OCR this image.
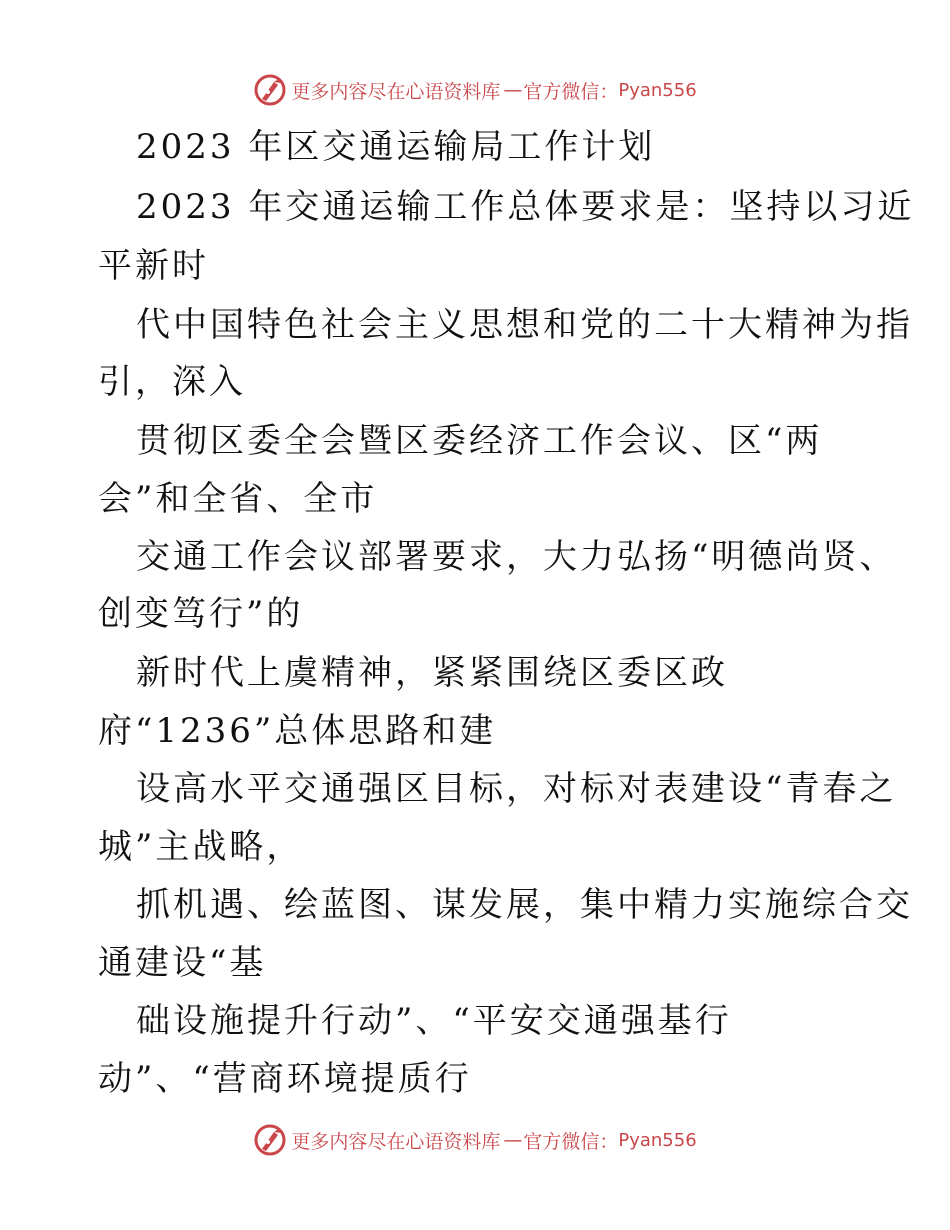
更多内容尽在心语资料库 — 官方微信： Pyan556
2023 年区交通运输局工作计划
2023 年交通运输工作总体要求是：坚持以习近
平新时
代中国特色社会主义思想和党的二十大精神为指
引，深入
贯彻区委全会暨区委经济工作会议、区“两
会”和全省、全市
交通工作会议部署要求，大力弘扬“明德尚贤、
创变笃行”的
新时代上虞精神，紧紧围绕区委区政
府“1236”总体思路和建
设高水平交通强区目标，对标对表建设“青春之
城”主战略，
抓机遇、绘蓝图、谋发展，集中精力实施综合交
通建设“基
础设施提升行动”、“平安交通强基行
动”、“营商环境提质行
更多内容尽在心语资料库 — 官方微信： Pyan556
